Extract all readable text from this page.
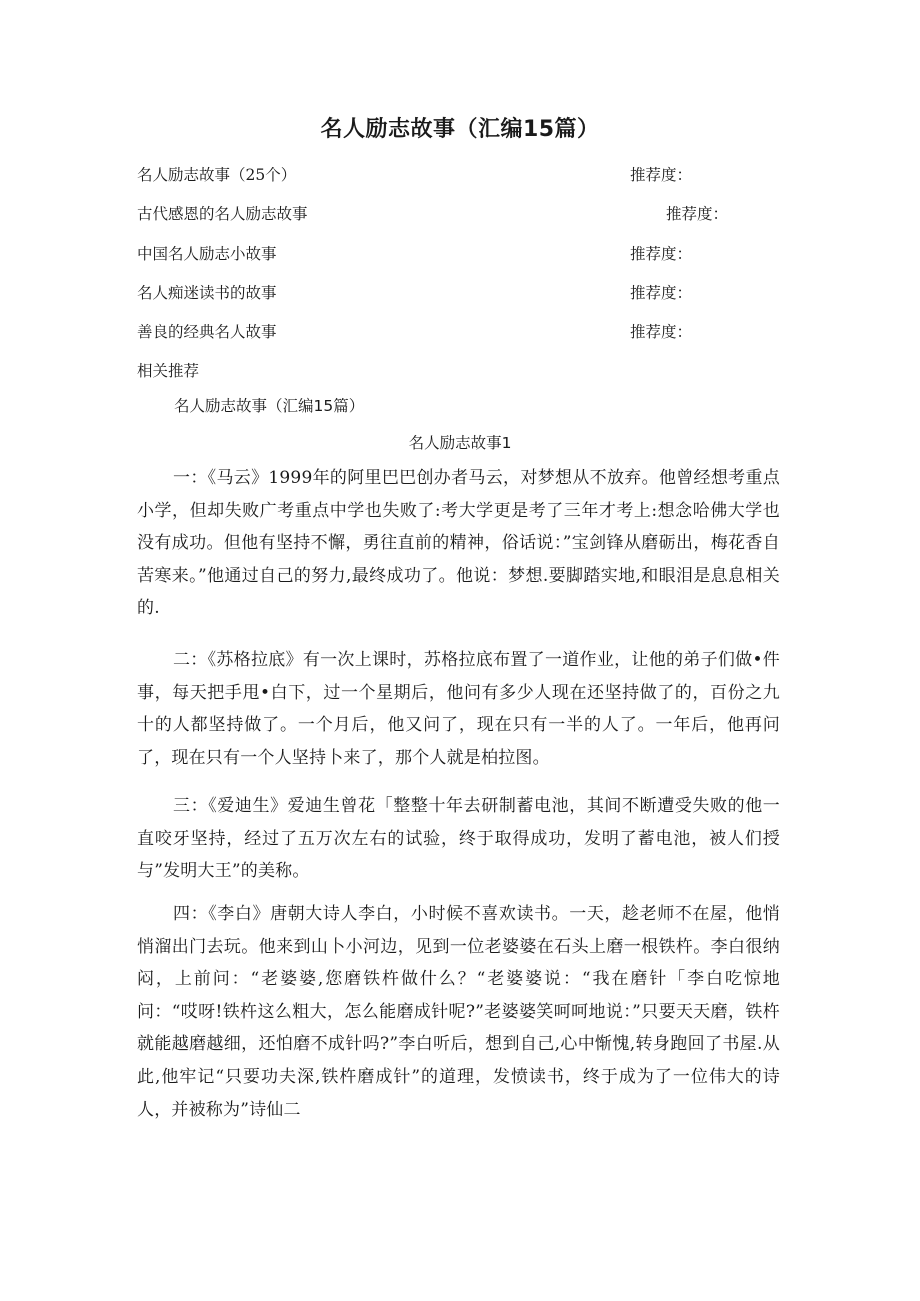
名人励志故事（汇编15篇）
名人励志故事（25个）	推荐度：
古代感恩的名人励志故事	推荐度：
中国名人励志小故事	推荐度：
名人痴迷读书的故事	推荐度：
善良的经典名人故事	推荐度：
相关推荐
名人励志故事（汇编15篇）
名人励志故事1

一：《马云》1999年的阿里巴巴创办者马云，对梦想从不放弃。他曾经想考重点小学，但却失败广考重点中学也失败了:考大学更是考了三年才考上:想念哈佛大学也没有成功。但他有坚持不懈，勇往直前的精神，俗话说：”宝剑锋从磨砺出，梅花香自苦寒来。”他通过自己的努力,最终成功了。他说：梦想.要脚踏实地,和眼泪是息息相关的.

二：《苏格拉底》有一次上课时，苏格拉底布置了一道作业，让他的弟子们做•件事，每天把手甩•白下，过一个星期后，他问有多少人现在还坚持做了的，百份之九十的人都坚持做了。一个月后，他又问了，现在只有一半的人了。一年后，他再问了，现在只有一个人坚持卜来了，那个人就是柏拉图。

三：《爱迪生》爱迪生曾花「整整十年去研制蓄电池，其间不断遭受失败的他一直咬牙坚持，经过了五万次左右的试验，终于取得成功，发明了蓄电池，被人们授与”发明大王”的美称。

四：《李白》唐朝大诗人李白，小时候不喜欢读书。一天，趁老师不在屋，他悄悄溜出门去玩。他来到山卜小河边，见到一位老婆婆在石头上磨一根铁杵。李白很纳闷，上前问：“老婆婆,您磨铁杵做什么？“老婆婆说：“我在磨针「李白吃惊地问：“哎呀!铁杵这么粗大，怎么能磨成针呢?”老婆婆笑呵呵地说：”只要天天磨，铁杵就能越磨越细，还怕磨不成针吗?”李白听后，想到自己,心中惭愧,转身跑回了书屋.从此,他牢记“只要功夫深,铁杵磨成针”的道理，发愤读书，终于成为了一位伟大的诗人，并被称为”诗仙二
